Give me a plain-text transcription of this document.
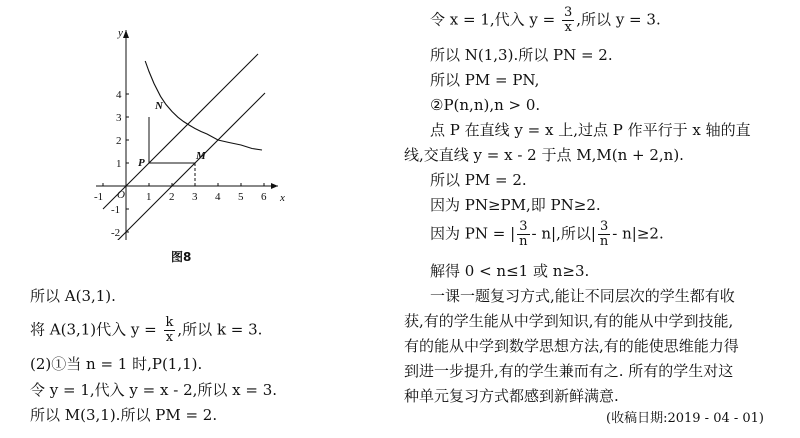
x
y
O
-1	1 2 3 4 5 6
4
3
2
1
-1
-2
N
P
M
图8
所以 A(3,1).
将 A(3,1)代入 $y = \frac{k}{x}$ ,所以 k = 3.
(2)①当 n = 1 时,P(1,1).
令 y = 1,代入 y = x - 2,所以 x = 3.
所以 M(3,1).所以 PM = 2.
令 x = 1,代入 $y = \frac{3}{x}$ ,所以 y = 3.
所以 N(1,3).所以 PN = 2.
所以 PM = PN,
②P(n,n),n > 0.
点 P 在直线 y = x 上,过点 P 作平行于 x 轴的直
线,交直线 y = x - 2 于点 M,M(n + 2,n).
所以 PM = 2.
因为 PN≥PM,即 PN≥2.
因为 PN = | $\frac{3}{n} - n|$,所以| $\frac{3}{n} - n|\ge 2$.
解得 0 < n≤1 或 n≥3.
一课一题复习方式,能让不同层次的学生都有收
获,有的学生能从中学到知识,有的能从中学到技能,
有的能从中学到数学思想方法,有的能使思维能力得
到进一步提升,有的学生兼而有之. 所有的学生对这
种单元复习方式都感到新鲜满意.
(收稿日期:2019 - 04 - 01)
